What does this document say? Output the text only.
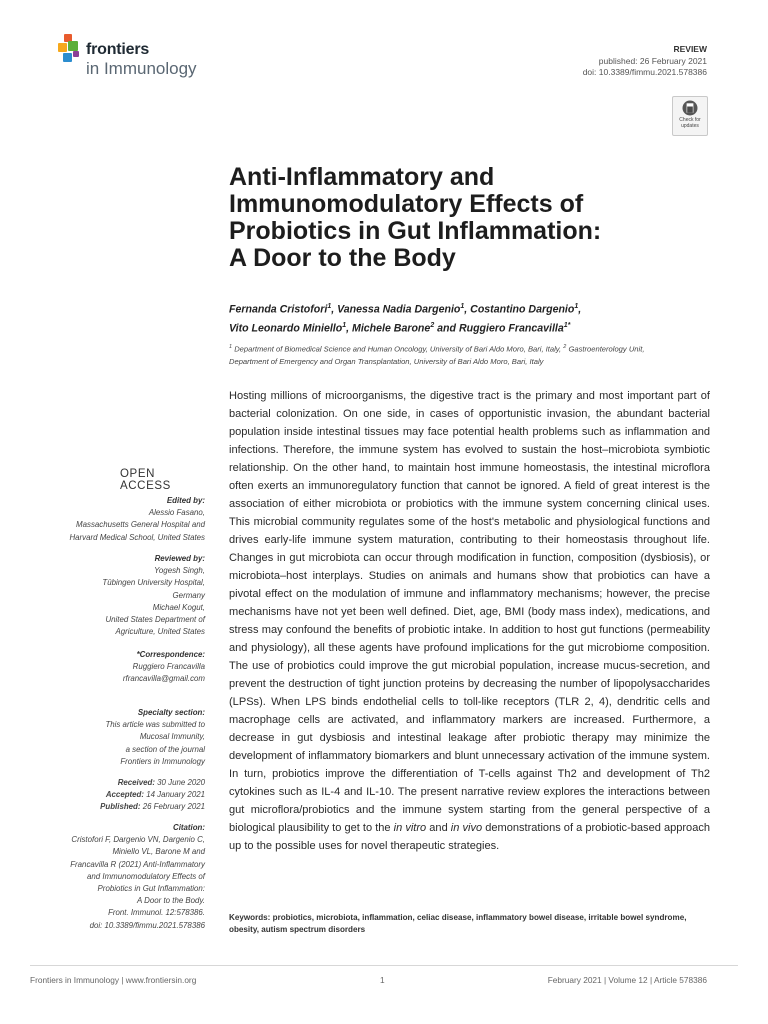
frontiers
in Immunology
REVIEW
published: 26 February 2021
doi: 10.3389/fimmu.2021.578386
Check for updates
Anti-Inflammatory and
Immunomodulatory Effects of
Probiotics in Gut Inflammation:
A Door to the Body
Fernanda Cristofori$^1$, Vanessa Nadia Dargenio$^1$, Costantino Dargenio$^1$,
Vito Leonardo Miniello$^1$, Michele Barone$^2$ and Ruggiero Francavilla$^{1*}$
$^1$ Department of Biomedical Science and Human Oncology, University of Bari Aldo Moro, Bari, Italy, $^2$ Gastroenterology Unit,
Department of Emergency and Organ Transplantation, University of Bari Aldo Moro, Bari, Italy
Hosting millions of microorganisms, the digestive tract is the primary and most important part of bacterial colonization. On one side, in cases of opportunistic invasion, the abundant bacterial population inside intestinal tissues may face potential health problems such as inflammation and infections. Therefore, the immune system has evolved to sustain the host–microbiota symbiotic relationship. On the other hand, to maintain host immune homeostasis, the intestinal microflora often exerts an immunoregulatory function that cannot be ignored. A field of great interest is the association of either microbiota or probiotics with the immune system concerning clinical uses. This microbial community regulates some of the host's metabolic and physiological functions and drives early-life immune system maturation, contributing to their homeostasis throughout life. Changes in gut microbiota can occur through modification in function, composition (dysbiosis), or microbiota–host interplays. Studies on animals and humans show that probiotics can have a pivotal effect on the modulation of immune and inflammatory mechanisms; however, the precise mechanisms have not yet been well defined. Diet, age, BMI (body mass index), medications, and stress may confound the benefits of probiotic intake. In addition to host gut functions (permeability and physiology), all these agents have profound implications for the gut microbiome composition. The use of probiotics could improve the gut microbial population, increase mucus-secretion, and prevent the destruction of tight junction proteins by decreasing the number of lipopolysaccharides (LPSs). When LPS binds endothelial cells to toll-like receptors (TLR 2, 4), dendritic cells and macrophage cells are activated, and inflammatory markers are increased. Furthermore, a decrease in gut dysbiosis and intestinal leakage after probiotic therapy may minimize the development of inflammatory biomarkers and blunt unnecessary activation of the immune system. In turn, probiotics improve the differentiation of T-cells against Th2 and development of Th2 cytokines such as IL-4 and IL-10. The present narrative review explores the interactions between gut microflora/probiotics and the immune system starting from the general perspective of a biological plausibility to get to the in vitro and in vivo demonstrations of a probiotic-based approach up to the possible uses for novel therapeutic strategies.
Keywords: probiotics, microbiota, inflammation, celiac disease, inflammatory bowel disease, irritable bowel syndrome, obesity, autism spectrum disorders
OPEN ACCESS
Edited by:
Alessio Fasano,
Massachusetts General Hospital and
Harvard Medical School, United States
Reviewed by:
Yogesh Singh,
Tübingen University Hospital,
Germany
Michael Kogut,
United States Department of
Agriculture, United States
*Correspondence:
Ruggiero Francavilla
rfrancavilla@gmail.com
Specialty section:
This article was submitted to
Mucosal Immunity,
a section of the journal
Frontiers in Immunology
Received: 30 June 2020
Accepted: 14 January 2021
Published: 26 February 2021
Citation:
Cristofori F, Dargenio VN, Dargenio C,
Miniello VL, Barone M and
Francavilla R (2021) Anti-Inflammatory
and Immunomodulatory Effects of
Probiotics in Gut Inflammation:
A Door to the Body.
Front. Immunol. 12:578386.
doi: 10.3389/fimmu.2021.578386
Frontiers in Immunology | www.frontiersin.org	1	February 2021 | Volume 12 | Article 578386
